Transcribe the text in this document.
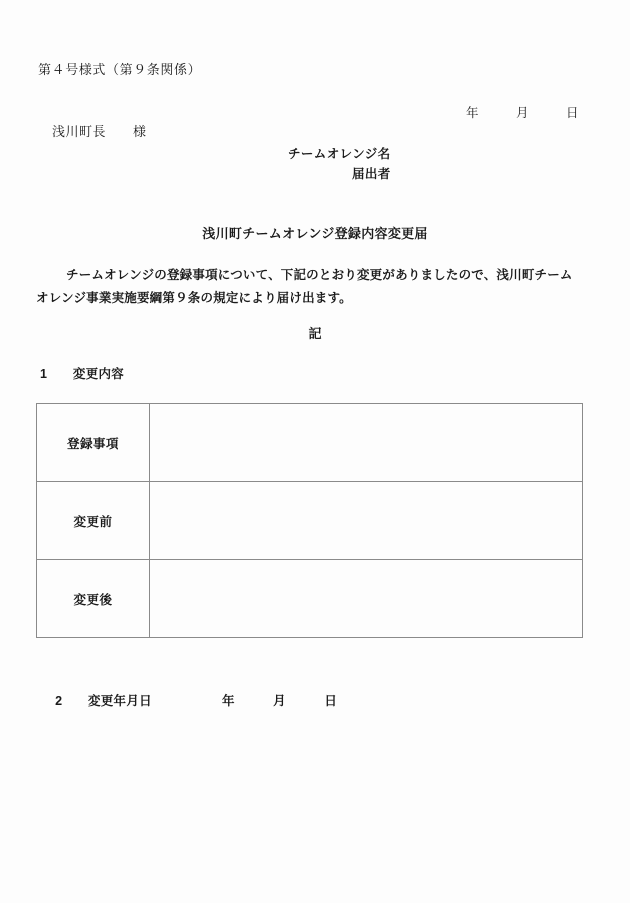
第４号様式（第９条関係）
年　　　月　　　日
浅川町長　　様
チームオレンジ名
届出者
浅川町チームオレンジ登録内容変更届
チームオレンジの登録事項について、下記のとおり変更がありましたので、浅川町チーム
オレンジ事業実施要綱第９条の規定により届け出ます。
記
1　　変更内容
登録事項	
変更前	
変更後	

2　　変更年月日	年　　　月　　　日
